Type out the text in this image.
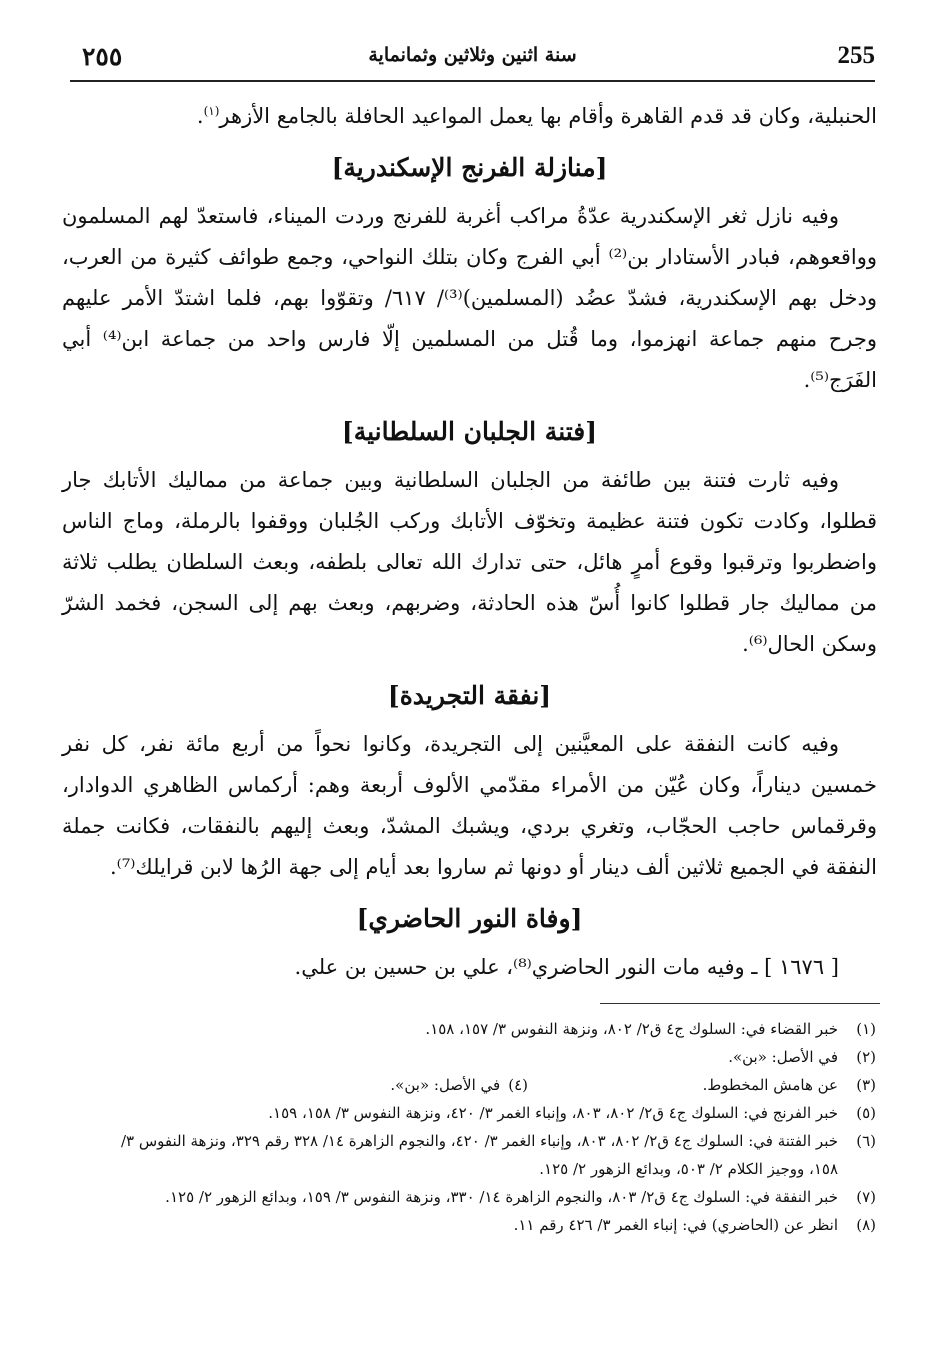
٢٥٥	سنة اثنين وثلاثين وثمانماية	255

الحنبلية، وكان قد قدم القاهرة وأقام بها يعمل المواعيد الحافلة بالجامع الأزهر$^{(١)}$.

[منازلة الفرنج الإسكندرية]

وفيه نازل ثغر الإسكندرية عدّةُ مراكب أغربة للفرنج وردت الميناء، فاستعدّ لهم المسلمون وواقعوهم، فبادر الأستادار بن⁽²⁾ أبي الفرج وكان بتلك النواحي، وجمع طوائف كثيرة من العرب، ودخل بهم الإسكندرية، فشدّ عضُد (المسلمين)⁽³⁾/ ٦١٧/ وتقوّوا بهم، فلما اشتدّ الأمر عليهم وجرح منهم جماعة انهزموا، وما قُتل من المسلمين إلّا فارس واحد من جماعة ابن⁽⁴⁾ أبي الفَرَج⁽⁵⁾.

[فتنة الجلبان السلطانية]

وفيه ثارت فتنة بين طائفة من الجلبان السلطانية وبين جماعة من مماليك الأتابك جار قطلوا، وكادت تكون فتنة عظيمة وتخوّف الأتابك وركب الجُلبان ووقفوا بالرملة، وماج الناس واضطربوا وترقبوا وقوع أمرٍ هائل، حتى تدارك الله تعالى بلطفه، وبعث السلطان يطلب ثلاثة من مماليك جار قطلوا كانوا أُسّ هذه الحادثة، وضربهم، وبعث بهم إلى السجن، فخمد الشرّ وسكن الحال⁽⁶⁾.

[نفقة التجريدة]

وفيه كانت النفقة على المعيَّنين إلى التجريدة، وكانوا نحواً من أربع مائة نفر، كل نفر خمسين ديناراً، وكان عُيّن من الأمراء مقدّمي الألوف أربعة وهم: أركماس الظاهري الدوادار، وقرقماس حاجب الحجّاب، وتغري بردي، ويشبك المشدّ، وبعث إليهم بالنفقات، فكانت جملة النفقة في الجميع ثلاثين ألف دينار أو دونها ثم ساروا بعد أيام إلى جهة الرُها لابن قرايلك⁽⁷⁾.

[وفاة النور الحاضري]

[ ١٦٧٦ ] ـ وفيه مات النور الحاضري⁽⁸⁾، علي بن حسين بن علي.

(١)
خبر القضاء في: السلوك ج٤ ق٢/ ٨٠٢، ونزهة النفوس ٣/ ١٥٧، ١٥٨.
(٢)
في الأصل: «بن».
(٣)
عن هامش المخطوط.
(٤)
في الأصل: «بن».
(٥)
خبر الفرنج في: السلوك ج٤ ق٢/ ٨٠٢، ٨٠٣، وإنباء الغمر ٣/ ٤٢٠، ونزهة النفوس ٣/ ١٥٨، ١٥٩.
(٦)
خبر الفتنة في: السلوك ج٤ ق٢/ ٨٠٢، ٨٠٣، وإنباء الغمر ٣/ ٤٢٠، والنجوم الزاهرة ١٤/ ٣٢٨ رقم ٣٢٩، ونزهة النفوس ٣/ ١٥٨، ووجيز الكلام ٢/ ٥٠٣، وبدائع الزهور ٢/ ١٢٥.
(٧)
خبر النفقة في: السلوك ج٤ ق٢/ ٨٠٣، والنجوم الزاهرة ١٤/ ٣٣٠، ونزهة النفوس ٣/ ١٥٩، وبدائع الزهور ٢/ ١٢٥.
(٨)
انظر عن (الحاضري) في: إنباء الغمر ٣/ ٤٢٦ رقم ١١.
